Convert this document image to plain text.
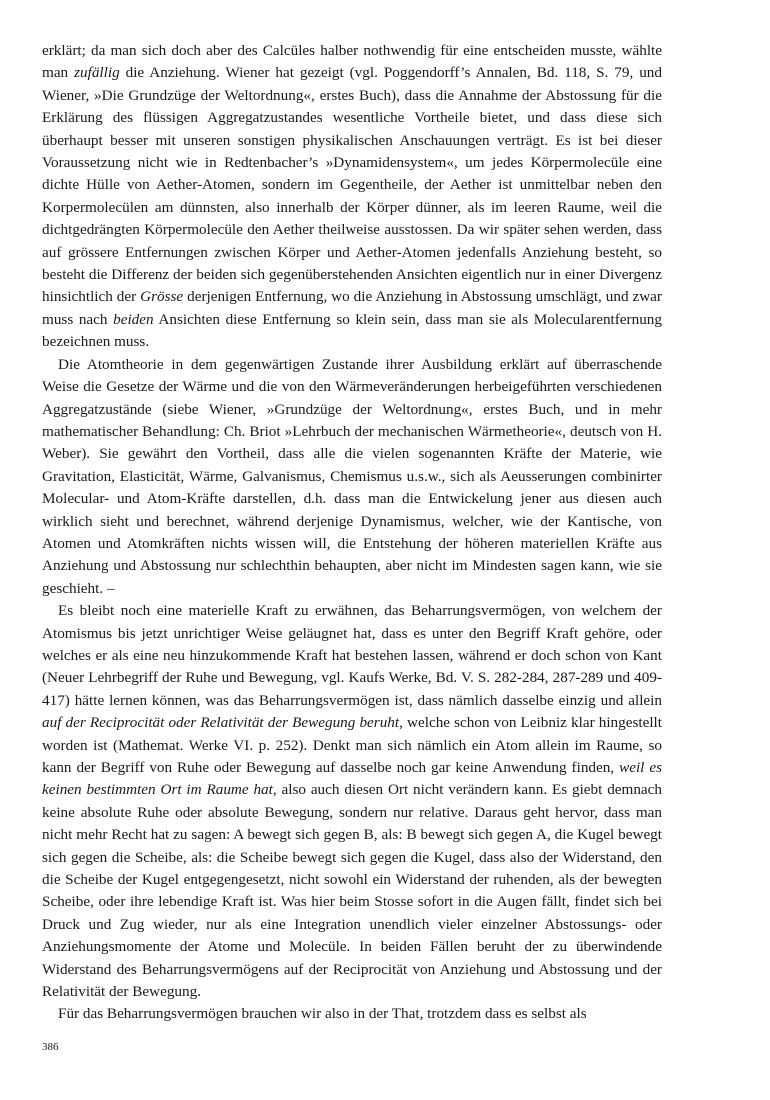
erklärt; da man sich doch aber des Calcüles halber nothwendig für eine entscheiden musste, wählte man zufällig die Anziehung. Wiener hat gezeigt (vgl. Poggendorff’s Annalen, Bd. 118, S. 79, und Wiener, »Die Grundzüge der Weltordnung«, erstes Buch), dass die Annahme der Abstossung für die Erklärung des flüssigen Aggregatzustandes wesentliche Vortheile bietet, und dass diese sich überhaupt besser mit unseren sonstigen physikalischen Anschauungen verträgt. Es ist bei dieser Voraussetzung nicht wie in Redtenbacher’s »Dynamidensystem«, um jedes Körpermolecüle eine dichte Hülle von Aether-Atomen, sondern im Gegentheile, der Aether ist unmittelbar neben den Korpermolecülen am dünnsten, also innerhalb der Körper dünner, als im leeren Raume, weil die dichtgedrängten Körpermolecüle den Aether theilweise ausstossen. Da wir später sehen werden, dass auf grössere Entfernungen zwischen Körper und Aether-Atomen jedenfalls Anziehung besteht, so besteht die Differenz der beiden sich gegenüberstehenden Ansichten eigentlich nur in einer Divergenz hinsichtlich der Grösse derjenigen Entfernung, wo die Anziehung in Abstossung umschlägt, und zwar muss nach beiden Ansichten diese Entfernung so klein sein, dass man sie als Molecularentfernung bezeichnen muss.

Die Atomtheorie in dem gegenwärtigen Zustande ihrer Ausbildung erklärt auf überraschende Weise die Gesetze der Wärme und die von den Wärmeveränderungen herbeigeführten verschiedenen Aggregatzustände (siebe Wiener, »Grundzüge der Weltordnung«, erstes Buch, und in mehr mathematischer Behandlung: Ch. Briot »Lehrbuch der mechanischen Wärmetheorie«, deutsch von H. Weber). Sie gewährt den Vortheil, dass alle die vielen sogenannten Kräfte der Materie, wie Gravitation, Elasticität, Wärme, Galvanismus, Chemismus u.s.w., sich als Aeusserungen combinirter Molecular- und Atom-Kräfte darstellen, d.h. dass man die Entwickelung jener aus diesen auch wirklich sieht und berechnet, während derjenige Dynamismus, welcher, wie der Kantische, von Atomen und Atomkräften nichts wissen will, die Entstehung der höheren materiellen Kräfte aus Anziehung und Abstossung nur schlechthin behaupten, aber nicht im Mindesten sagen kann, wie sie geschieht. –

Es bleibt noch eine materielle Kraft zu erwähnen, das Beharrungsvermögen, von welchem der Atomismus bis jetzt unrichtiger Weise geläugnet hat, dass es unter den Begriff Kraft gehöre, oder welches er als eine neu hinzukommende Kraft hat bestehen lassen, während er doch schon von Kant (Neuer Lehrbegriff der Ruhe und Bewegung, vgl. Kaufs Werke, Bd. V. S. 282-284, 287-289 und 409-417) hätte lernen können, was das Beharrungsvermögen ist, dass nämlich dasselbe einzig und allein auf der Reciprocität oder Relativität der Bewegung beruht, welche schon von Leibniz klar hingestellt worden ist (Mathemat. Werke VI. p. 252). Denkt man sich nämlich ein Atom allein im Raume, so kann der Begriff von Ruhe oder Bewegung auf dasselbe noch gar keine Anwendung finden, weil es keinen bestimmten Ort im Raume hat, also auch diesen Ort nicht verändern kann. Es giebt demnach keine absolute Ruhe oder absolute Bewegung, sondern nur relative. Daraus geht hervor, dass man nicht mehr Recht hat zu sagen: A bewegt sich gegen B, als: B bewegt sich gegen A, die Kugel bewegt sich gegen die Scheibe, als: die Scheibe bewegt sich gegen die Kugel, dass also der Widerstand, den die Scheibe der Kugel entgegengesetzt, nicht sowohl ein Widerstand der ruhenden, als der bewegten Scheibe, oder ihre lebendige Kraft ist. Was hier beim Stosse sofort in die Augen fällt, findet sich bei Druck und Zug wieder, nur als eine Integration unendlich vieler einzelner Abstossungs- oder Anziehungsmomente der Atome und Molecüle. In beiden Fällen beruht der zu überwindende Widerstand des Beharrungsvermögens auf der Reciprocität von Anziehung und Abstossung und der Relativität der Bewegung.

Für das Beharrungsvermögen brauchen wir also in der That, trotzdem dass es selbst als

386
